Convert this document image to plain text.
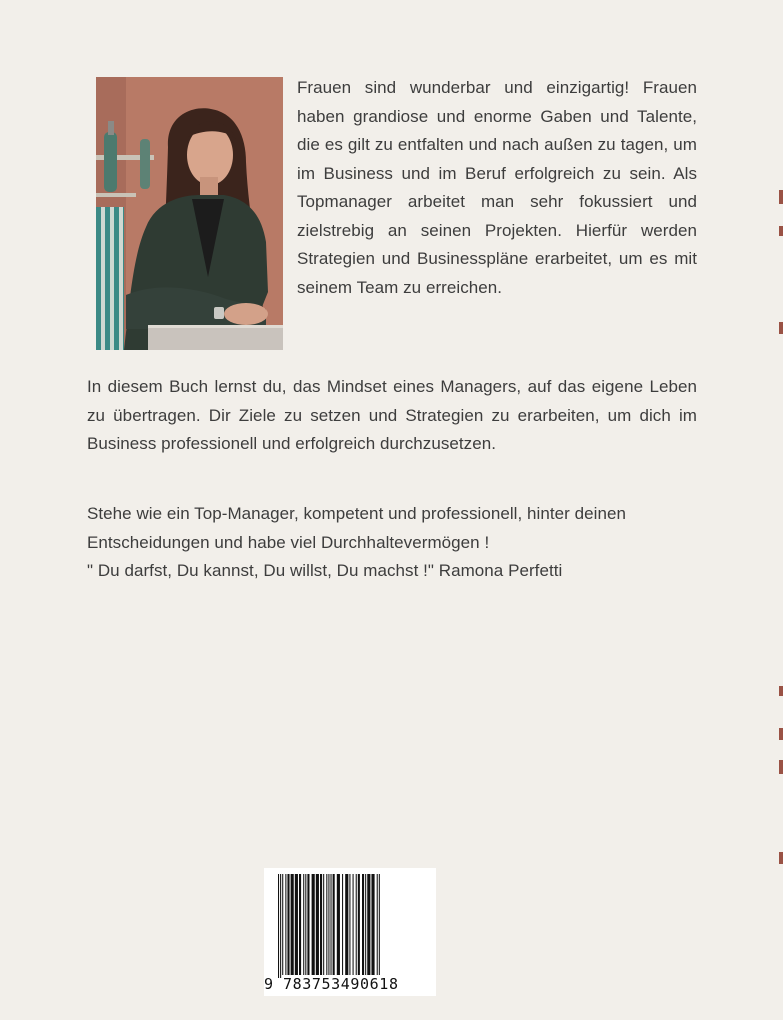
Frauen sind wunderbar und einzigartig! Frauen haben grandiose und enorme Gaben und Talente, die es gilt zu entfalten und nach außen zu tagen, um im Business und im Beruf erfolgreich zu sein. Als Topmanager arbeitet man sehr fokussiert und zielstrebig an seinen Projekten. Hierfür werden Strategien und Businesspläne erarbeitet, um es mit seinem Team zu erreichen.

In diesem Buch lernst du, das Mindset eines Managers, auf das eigene Leben zu übertragen. Dir Ziele zu setzen und Strategien zu erarbeiten, um dich im Business professionell und erfolgreich durchzusetzen.

Stehe wie ein Top-Manager, kompetent und professionell, hinter deinen Entscheidungen und habe viel Durchhaltevermögen !
" Du darfst, Du kannst, Du willst, Du machst !" Ramona Perfetti
9 783753490618
